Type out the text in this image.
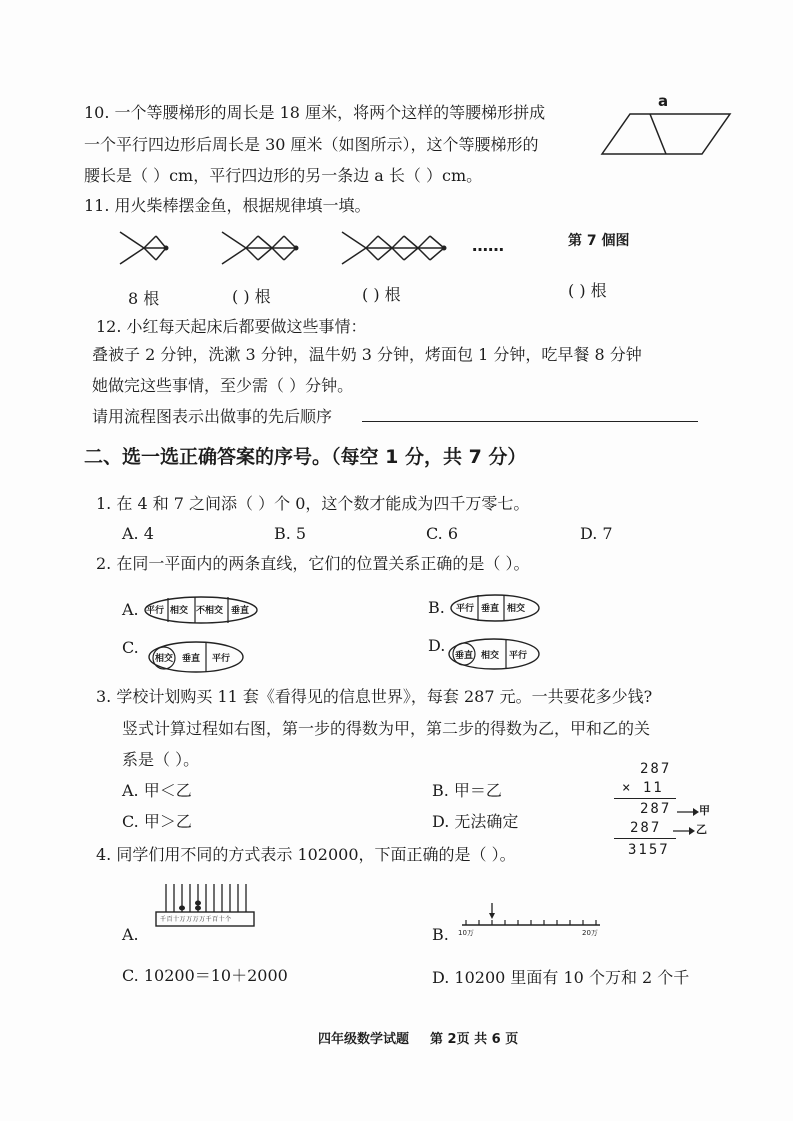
10. 一个等腰梯形的周长是 18 厘米，将两个这样的等腰梯形拼成
一个平行四边形后周长是 30 厘米（如图所示），这个等腰梯形的
腰长是（ ）cm，平行四边形的另一条边 a 长（ ）cm。
a
11. 用火柴棒摆金鱼，根据规律填一填。
……	第 7 個图
8 根	( ) 根	( ) 根	( ) 根
12. 小红每天起床后都要做这些事情：
叠被子 2 分钟，洗漱 3 分钟，温牛奶 3 分钟，烤面包 1 分钟，吃早餐 8 分钟
她做完这些事情，至少需（ ）分钟。
请用流程图表示出做事的先后顺序
二、选一选正确答案的序号。（每空 1 分，共 7 分）
1. 在 4 和 7 之间添（ ）个 0，这个数才能成为四千万零七。
A. 4	B. 5	C. 6	D. 7
2. 在同一平面内的两条直线，它们的位置关系正确的是（ ）。
A. 平行 相交 不相交 垂直	B. 平行 垂直 相交
C.
相交 垂直 平行
D.
垂直 相交 平行
3. 学校计划购买 11 套《看得见的信息世界》，每套 287 元。一共要花多少钱?
竖式计算过程如右图，第一步的得数为甲，第二步的得数为乙，甲和乙的关
系是（ ）。
A. 甲＜乙	B. 甲＝乙
C. 甲＞乙	D. 无法确定
287
× 11
287	甲
287	乙
3157
4. 同学们用不同的方式表示 102000，下面正确的是（ ）。
A.
千百十万万万万千百十个
B. 10万	20万
C. 10200＝10＋2000	D. 10200 里面有 10 个万和 2 个千
四年级数学试题 第 2页 共 6 页
